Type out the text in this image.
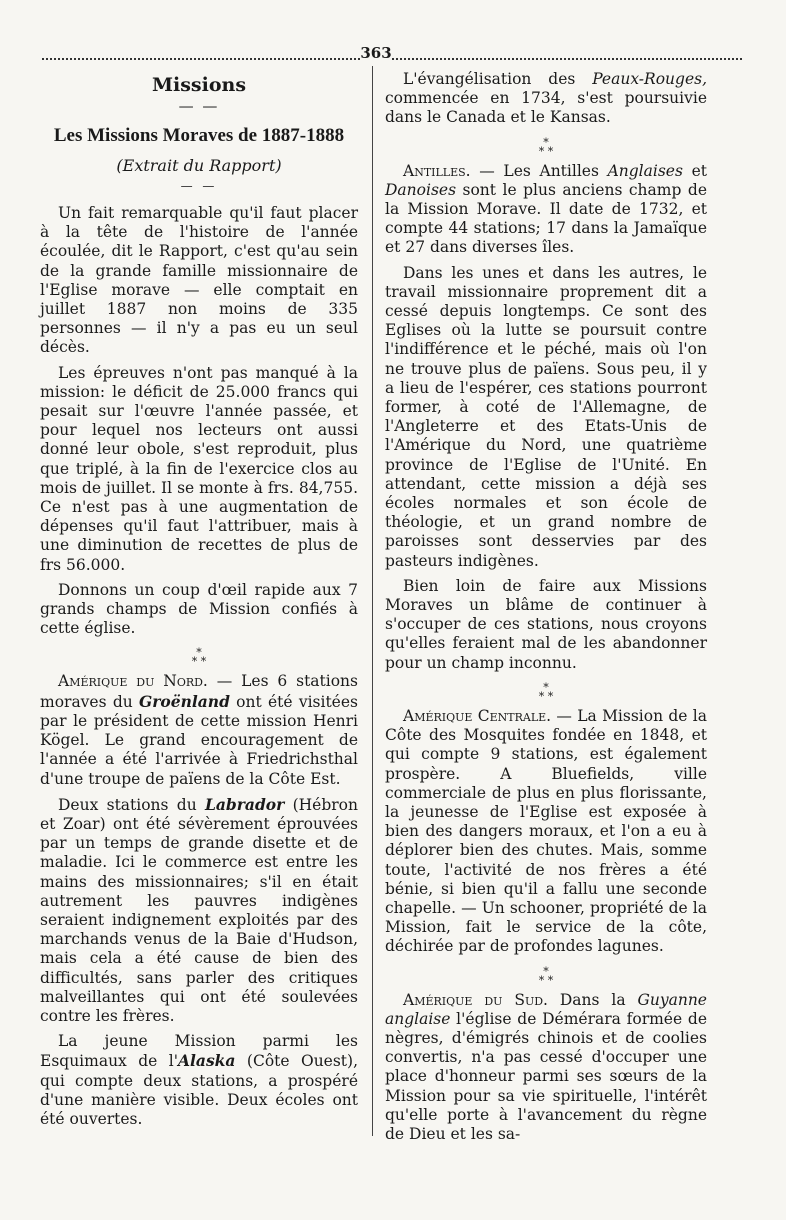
363
Missions
— —
Les Missions Moraves de 1887-1888
(Extrait du Rapport)
— —

Un fait remarquable qu'il faut placer à la tête de l'histoire de l'année écoulée, dit le Rapport, c'est qu'au sein de la grande famille missionnaire de l'Eglise morave — elle comptait en juillet 1887 non moins de 335 personnes — il n'y a pas eu un seul décès.

Les épreuves n'ont pas manqué à la mission: le déficit de 25.000 francs qui pesait sur l'œuvre l'année passée, et pour lequel nos lecteurs ont aussi donné leur obole, s'est reproduit, plus que triplé, à la fin de l'exercice clos au mois de juillet. Il se monte à frs. 84,755. Ce n'est pas à une augmentation de dépenses qu'il faut l'attribuer, mais à une diminution de recettes de plus de frs 56.000.

Donnons un coup d'œil rapide aux 7 grands champs de Mission confiés à cette église.

*
* *

Amérique du Nord. — Les 6 stations moraves du Groënland ont été visitées par le président de cette mission Henri Kögel. Le grand encouragement de l'année a été l'arrivée à Friedrichsthal d'une troupe de païens de la Côte Est.

Deux stations du Labrador (Hébron et Zoar) ont été sévèrement éprouvées par un temps de grande disette et de maladie. Ici le commerce est entre les mains des missionnaires; s'il en était autrement les pauvres indigènes seraient indignement exploités par des marchands venus de la Baie d'Hudson, mais cela a été cause de bien des difficultés, sans parler des critiques malveillantes qui ont été soulevées contre les frères.

La jeune Mission parmi les Esquimaux de l'Alaska (Côte Ouest), qui compte deux stations, a prospéré d'une manière visible. Deux écoles ont été ouvertes.

L'évangélisation des Peaux-Rouges, commencée en 1734, s'est poursuivie dans le Canada et le Kansas.

*
* *

Antilles. — Les Antilles Anglaises et Danoises sont le plus anciens champ de la Mission Morave. Il date de 1732, et compte 44 stations; 17 dans la Jamaïque et 27 dans diverses îles.

Dans les unes et dans les autres, le travail missionnaire proprement dit a cessé depuis longtemps. Ce sont des Eglises où la lutte se poursuit contre l'indifférence et le péché, mais où l'on ne trouve plus de païens. Sous peu, il y a lieu de l'espérer, ces stations pourront former, à coté de l'Allemagne, de l'Angleterre et des Etats-Unis de l'Amérique du Nord, une quatrième province de l'Eglise de l'Unité. En attendant, cette mission a déjà ses écoles normales et son école de théologie, et un grand nombre de paroisses sont desservies par des pasteurs indigènes.

Bien loin de faire aux Missions Moraves un blâme de continuer à s'occuper de ces stations, nous croyons qu'elles feraient mal de les abandonner pour un champ inconnu.

*
* *

Amérique Centrale. — La Mission de la Côte des Mosquites fondée en 1848, et qui compte 9 stations, est également prospère. A Bluefields, ville commerciale de plus en plus florissante, la jeunesse de l'Eglise est exposée à bien des dangers moraux, et l'on a eu à déplorer bien des chutes. Mais, somme toute, l'activité de nos frères a été bénie, si bien qu'il a fallu une seconde chapelle. — Un schooner, propriété de la Mission, fait le service de la côte, déchirée par de profondes lagunes.

*
* *

Amérique du Sud. Dans la Guyanne anglaise l'église de Démérara formée de nègres, d'émigrés chinois et de coolies convertis, n'a pas cessé d'occuper une place d'honneur parmi ses sœurs de la Mission pour sa vie spirituelle, l'intérêt qu'elle porte à l'avancement du règne de Dieu et les sa-
